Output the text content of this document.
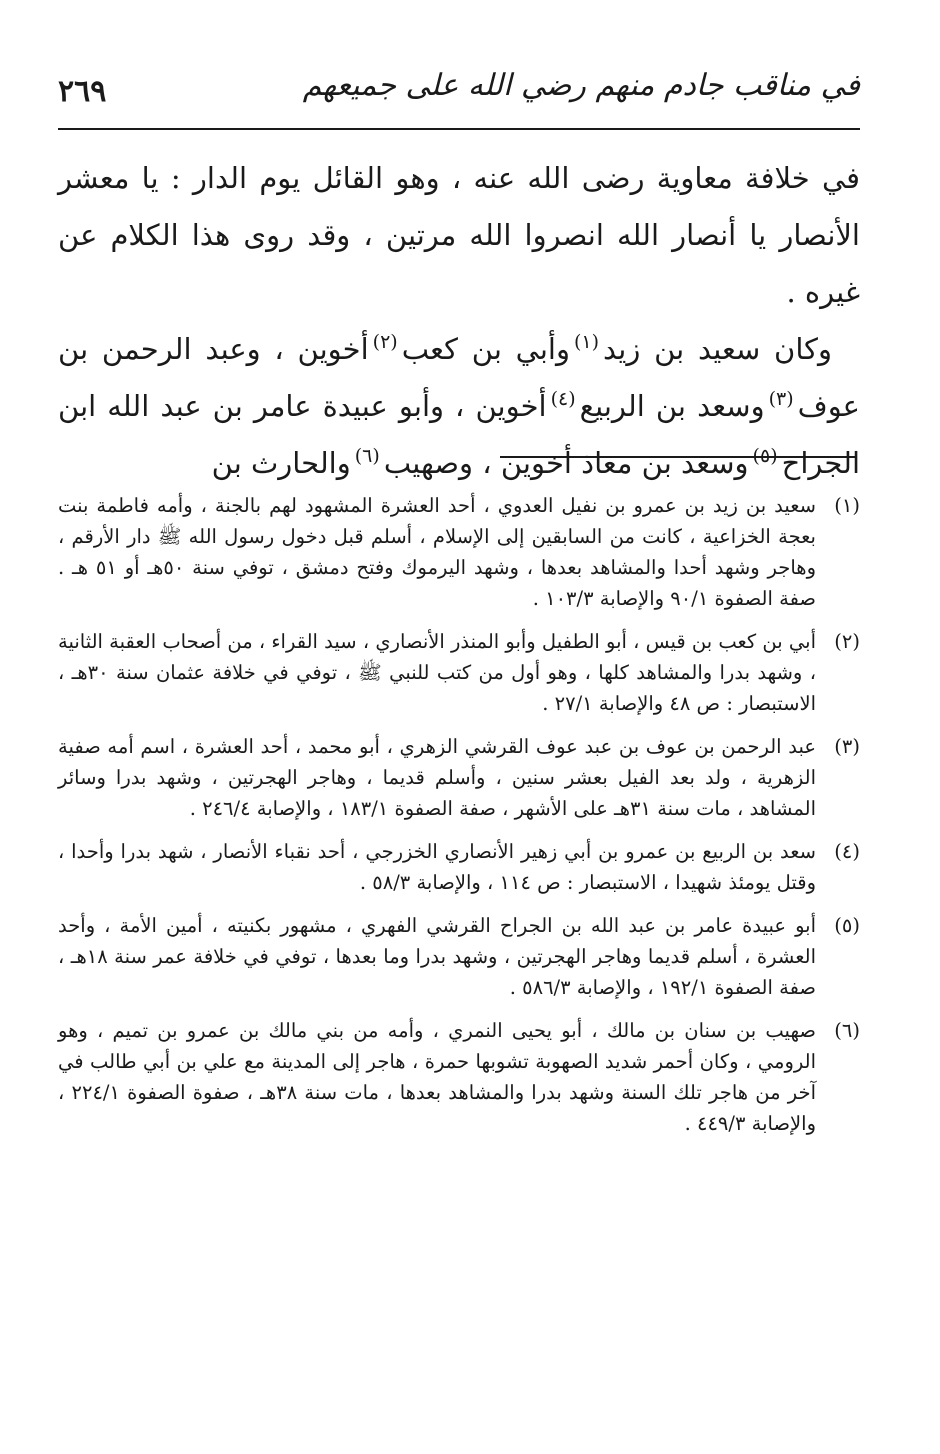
في مناقب جادم منهم رضي الله على جميعهم
٢٦٩

في خلافة معاوية رضى الله عنه ، وهو القائل يوم الدار : يا معشر الأنصار يا أنصار الله انصروا الله مرتين ، وقد روى هذا الكلام عن غيره .

وكان سعيد بن زيد$^{(١)}$وأبي بن كعب$^{(٢)}$أخوين ، وعبد الرحمن بن عوف$^{(٣)}$وسعد بن الربيع$^{(٤)}$أخوين ، وأبو عبيدة عامر بن عبد الله ابن الجراح$^{(٥)}$وسعد بن معاذ أخوين ، وصهيب$^{(٦)}$والحارث بن

(١)
سعيد بن زيد بن عمرو بن نفيل العدوي ، أحد العشرة المشهود لهم بالجنة ، وأمه فاطمة بنت بعجة الخزاعية ، كانت من السابقين إلى الإسلام ، أسلم قبل دخول رسول الله ﷺ دار الأرقم ، وهاجر وشهد أحدا والمشاهد بعدها ، وشهد اليرموك وفتح دمشق ، توفي سنة ٥٠هـ أو ٥١ هـ . صفة الصفوة ٩٠/١ والإصابة ١٠٣/٣ .
(٢)
أبي بن كعب بن قيس ، أبو الطفيل وأبو المنذر الأنصاري ، سيد القراء ، من أصحاب العقبة الثانية ، وشهد بدرا والمشاهد كلها ، وهو أول من كتب للنبي ﷺ ، توفي في خلافة عثمان سنة ٣٠هـ ، الاستبصار : ص ٤٨ والإصابة ٢٧/١ .
(٣)
عبد الرحمن بن عوف بن عبد عوف القرشي الزهري ، أبو محمد ، أحد العشرة ، اسم أمه صفية الزهرية ، ولد بعد الفيل بعشر سنين ، وأسلم قديما ، وهاجر الهجرتين ، وشهد بدرا وسائر المشاهد ، مات سنة ٣١هـ على الأشهر ، صفة الصفوة ١٨٣/١ ، والإصابة ٢٤٦/٤ .
(٤)
سعد بن الربيع بن عمرو بن أبي زهير الأنصاري الخزرجي ، أحد نقباء الأنصار ، شهد بدرا وأحدا ، وقتل يومئذ شهيدا ، الاستبصار : ص ١١٤ ، والإصابة ٥٨/٣ .
(٥)
أبو عبيدة عامر بن عبد الله بن الجراح القرشي الفهري ، مشهور بكنيته ، أمين الأمة ، وأحد العشرة ، أسلم قديما وهاجر الهجرتين ، وشهد بدرا وما بعدها ، توفي في خلافة عمر سنة ١٨هـ ، صفة الصفوة ١٩٢/١ ، والإصابة ٥٨٦/٣ .
(٦)
صهيب بن سنان بن مالك ، أبو يحيى النمري ، وأمه من بني مالك بن عمرو بن تميم ، وهو الرومي ، وكان أحمر شديد الصهوبة تشوبها حمرة ، هاجر إلى المدينة مع علي بن أبي طالب في آخر من هاجر تلك السنة وشهد بدرا والمشاهد بعدها ، مات سنة ٣٨هـ ، صفوة الصفوة ٢٢٤/١ ، والإصابة ٤٤٩/٣ .
